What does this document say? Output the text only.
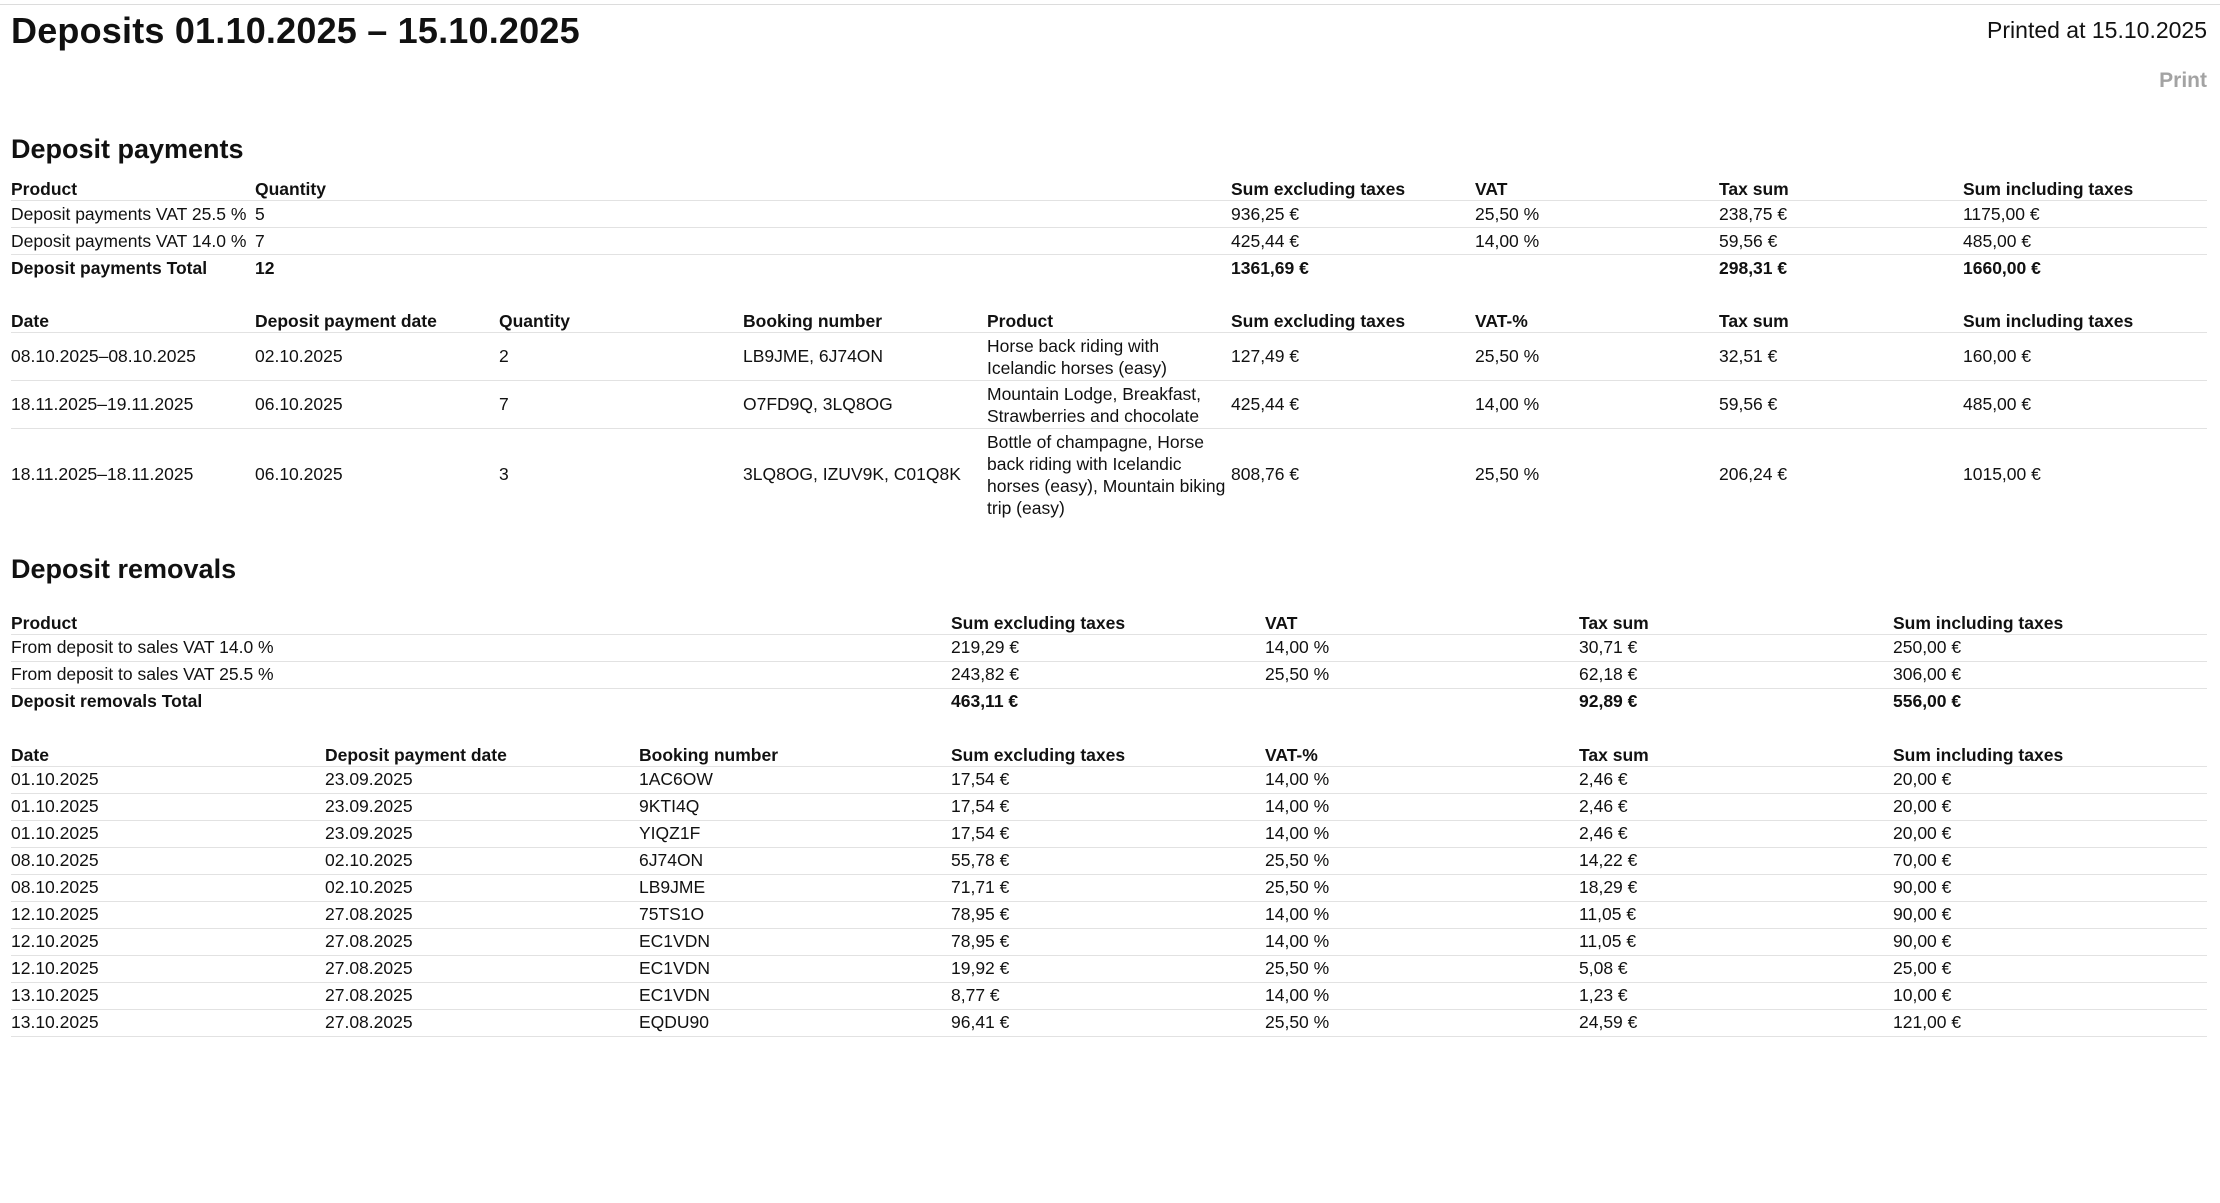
Deposits 01.10.2025 – 15.10.2025	Printed at 15.10.2025
Print
Deposit payments
Product	Quantity	Sum excluding taxes	VAT	Tax sum	Sum including taxes
Deposit payments VAT 25.5 %	5	936,25 €	25,50 %	238,75 €	1175,00 €
Deposit payments VAT 14.0 %	7	425,44 €	14,00 %	59,56 €	485,00 €
Deposit payments Total	12	1361,69 €		298,31 €	1660,00 €
Date	Deposit payment date	Quantity	Booking number	Product	Sum excluding taxes	VAT-%	Tax sum	Sum including taxes
08.10.2025–08.10.2025	02.10.2025	2	LB9JME, 6J74ON	Horse back riding with Icelandic horses (easy)	127,49 €	25,50 %	32,51 €	160,00 €
18.11.2025–19.11.2025	06.10.2025	7	O7FD9Q, 3LQ8OG	Mountain Lodge, Breakfast, Strawberries and chocolate	425,44 €	14,00 %	59,56 €	485,00 €
18.11.2025–18.11.2025	06.10.2025	3	3LQ8OG, IZUV9K, C01Q8K	Bottle of champagne, Horse back riding with Icelandic horses (easy), Mountain biking trip (easy)	808,76 €	25,50 %	206,24 €	1015,00 €
Deposit removals
Product	Sum excluding taxes	VAT	Tax sum	Sum including taxes
From deposit to sales VAT 14.0 %	219,29 €	14,00 %	30,71 €	250,00 €
From deposit to sales VAT 25.5 %	243,82 €	25,50 %	62,18 €	306,00 €
Deposit removals Total	463,11 €		92,89 €	556,00 €
Date	Deposit payment date	Booking number	Sum excluding taxes	VAT-%	Tax sum	Sum including taxes
01.10.2025	23.09.2025	1AC6OW	17,54 €	14,00 %	2,46 €	20,00 €
01.10.2025	23.09.2025	9KTI4Q	17,54 €	14,00 %	2,46 €	20,00 €
01.10.2025	23.09.2025	YIQZ1F	17,54 €	14,00 %	2,46 €	20,00 €
08.10.2025	02.10.2025	6J74ON	55,78 €	25,50 %	14,22 €	70,00 €
08.10.2025	02.10.2025	LB9JME	71,71 €	25,50 %	18,29 €	90,00 €
12.10.2025	27.08.2025	75TS1O	78,95 €	14,00 %	11,05 €	90,00 €
12.10.2025	27.08.2025	EC1VDN	78,95 €	14,00 %	11,05 €	90,00 €
12.10.2025	27.08.2025	EC1VDN	19,92 €	25,50 %	5,08 €	25,00 €
13.10.2025	27.08.2025	EC1VDN	8,77 €	14,00 %	1,23 €	10,00 €
13.10.2025	27.08.2025	EQDU90	96,41 €	25,50 %	24,59 €	121,00 €
